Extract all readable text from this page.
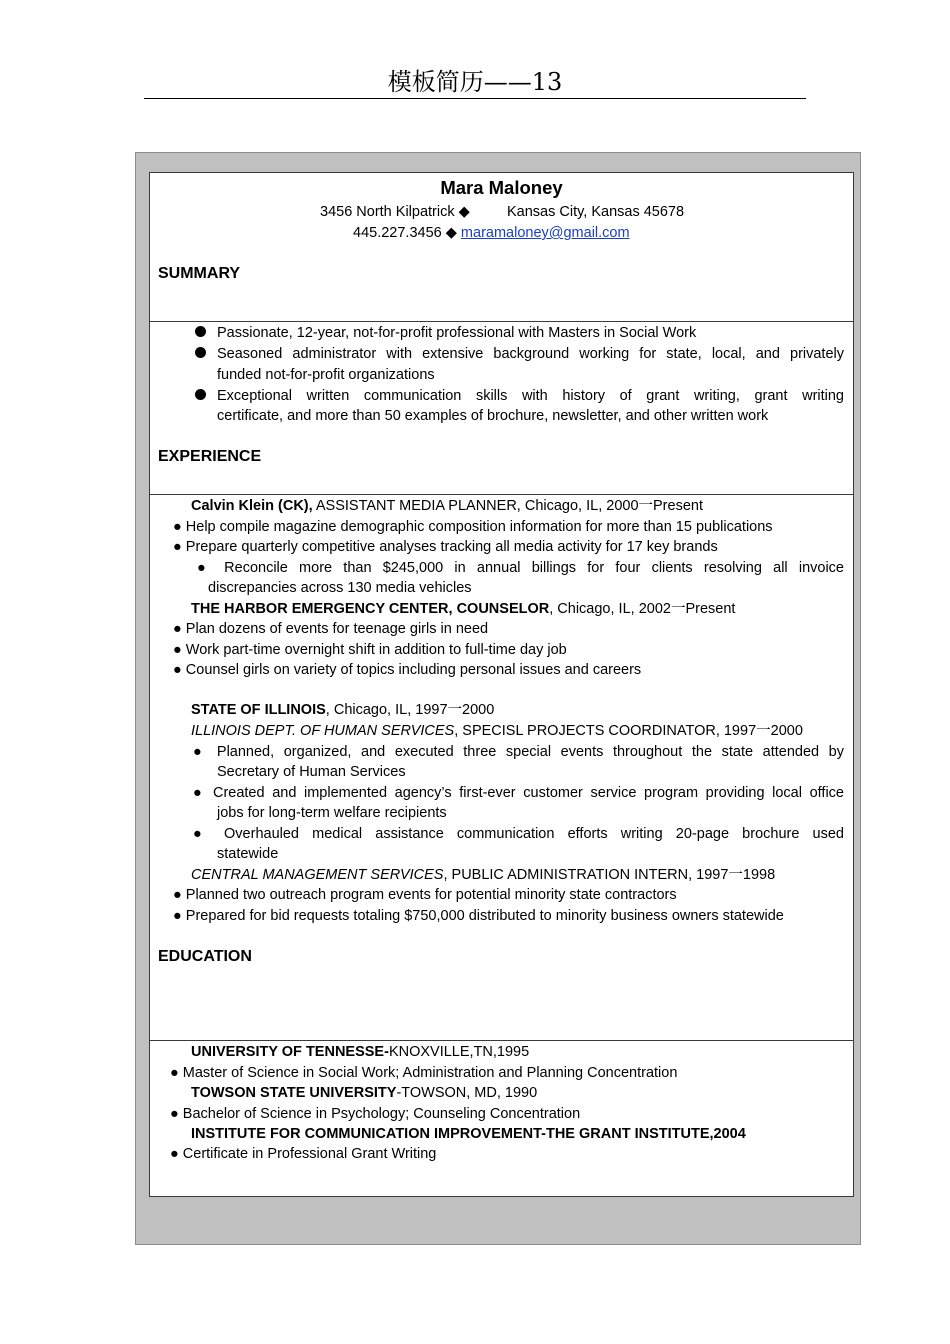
模板简历——13
Mara Maloney
3456 North Kilpatrick ◆	Kansas City, Kansas 45678
445.227.3456 ◆ maramaloney@gmail.com
SUMMARY
Passionate, 12-year, not-for-profit professional with Masters in Social Work
Seasoned administrator with extensive background working for state, local, and privately
funded not-for-profit organizations
Exceptional written communication skills with history of grant writing, grant writing
certificate, and more than 50 examples of brochure, newsletter, and other written work
EXPERIENCE
Calvin Klein (CK), ASSISTANT MEDIA PLANNER, Chicago, IL, 2000一Present
● Help compile magazine demographic composition information for more than 15 publications
● Prepare quarterly competitive analyses tracking all media activity for 17 key brands
● Reconcile more than $245,000 in annual billings for four clients resolving all invoice
discrepancies across 130 media vehicles
THE HARBOR EMERGENCY CENTER, COUNSELOR, Chicago, IL, 2002一Present
● Plan dozens of events for teenage girls in need
● Work part-time overnight shift in addition to full-time day job
● Counsel girls on variety of topics including personal issues and careers
STATE OF ILLINOIS, Chicago, IL, 1997一2000
ILLINOIS DEPT. OF HUMAN SERVICES, SPECISL PROJECTS COORDINATOR, 1997一2000
● Planned, organized, and executed three special events throughout the state attended by
Secretary of Human Services
● Created and implemented agency’s first-ever customer service program providing local office
jobs for long-term welfare recipients
● Overhauled medical assistance communication efforts writing 20-page brochure used
statewide
CENTRAL MANAGEMENT SERVICES, PUBLIC ADMINISTRATION INTERN, 1997一1998
● Planned two outreach program events for potential minority state contractors
● Prepared for bid requests totaling $750,000 distributed to minority business owners statewide
EDUCATION
UNIVERSITY OF TENNESSE-KNOXVILLE,TN,1995
● Master of Science in Social Work; Administration and Planning Concentration
TOWSON STATE UNIVERSITY-TOWSON, MD, 1990
● Bachelor of Science in Psychology; Counseling Concentration
INSTITUTE FOR COMMUNICATION IMPROVEMENT-THE GRANT INSTITUTE,2004
● Certificate in Professional Grant Writing
